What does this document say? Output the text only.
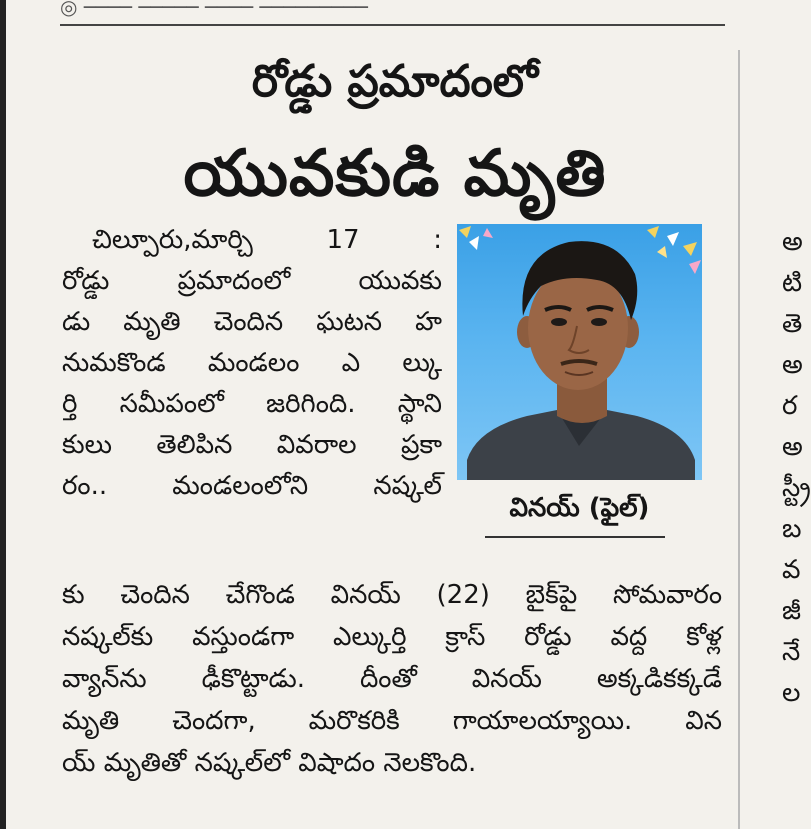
◎ ──── ───── ──── ─────────
రోడ్డు ప్రమాదంలో
యువకుడి మృతి
చిల్పూరు,మార్చి 17 :
రోడ్డు ప్రమాదంలో యువకు
డు మృతి చెందిన ఘటన హ
నుమకొండ మండలం ఎ ల్కు
ర్తి సమీపంలో జరిగింది. స్థాని
కులు తెలిపిన వివరాల ప్రకా
రం.. మండలంలోని నష్కల్
వినయ్ (ఫైల్)
కు చెందిన చేగొండ వినయ్ (22) బైక్‌పై సోమవారం
నష్కల్‌కు వస్తుండగా ఎల్కుర్తి క్రాస్ రోడ్డు వద్ద కోళ్ల
వ్యాన్‌ను ఢీకొట్టాడు. దీంతో వినయ్ అక్కడికక్కడే
మృతి చెందగా, మరొకరికి గాయాలయ్యాయి. విన
య్ మృతితో నష్కల్‌లో విషాదం నెలకొంది.
అ
టి
తె
అ
ర
అ
స్ట్రీ
బ
వ
జీ
నే
ల
